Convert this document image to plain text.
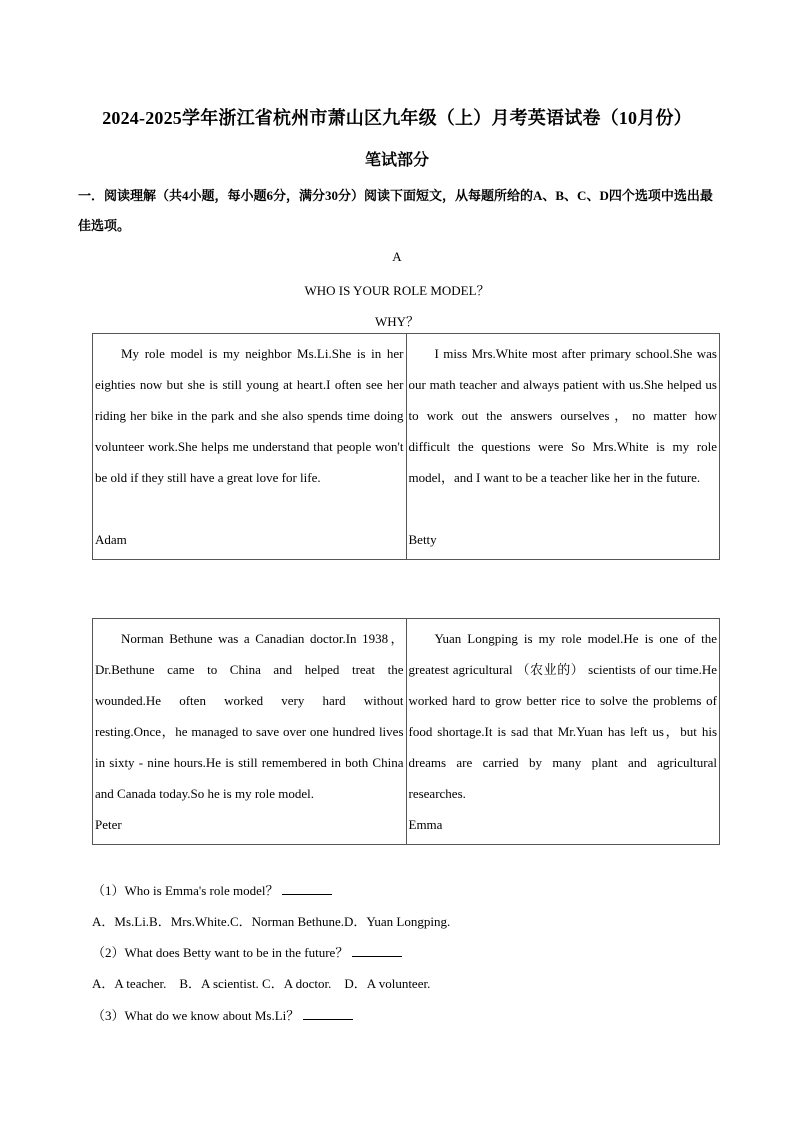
2024-2025学年浙江省杭州市萧山区九年级（上）月考英语试卷（10月份）
笔试部分
一．阅读理解（共4小题，每小题6分，满分30分）阅读下面短文，从每题所给的A、B、C、D四个选项中选出最佳选项。
A
WHO IS YOUR ROLE MODEL？
WHY？
My role model is my neighbor Ms.Li.She is in her eighties now but she is still young at heart.I often see her riding her bike in the park and she also spends time doing volunteer work.She helps me understand that people won't be old if they still have a great love for life.
Adam

I miss Mrs.White most after primary school.She was our math teacher and always patient with us.She helped us to work out the answers ourselves，no matter how difficult the questions were So Mrs.White is my role model，and I want to be a teacher like her in the future.
Betty
Norman Bethune was a Canadian doctor.In 1938，Dr.Bethune came to China and helped treat the wounded.He often worked very hard without resting.Once，he managed to save over one hundred lives in sixty - nine hours.He is still remembered in both China and Canada today.So he is my role model.
Peter

Yuan Longping is my role model.He is one of the greatest agricultural （农业的） scientists of our time.He worked hard to grow better rice to solve the problems of food shortage.It is sad that Mr.Yuan has left us，but his dreams are carried by many plant and agricultural researches.
Emma
（1）Who is Emma's role model？
A．Ms.Li.B．Mrs.White.C．Norman Bethune.D．Yuan Longping.
（2）What does Betty want to be in the future？
A．A teacher.　B．A scientist. C．A doctor.　D．A volunteer.
（3）What do we know about Ms.Li？
